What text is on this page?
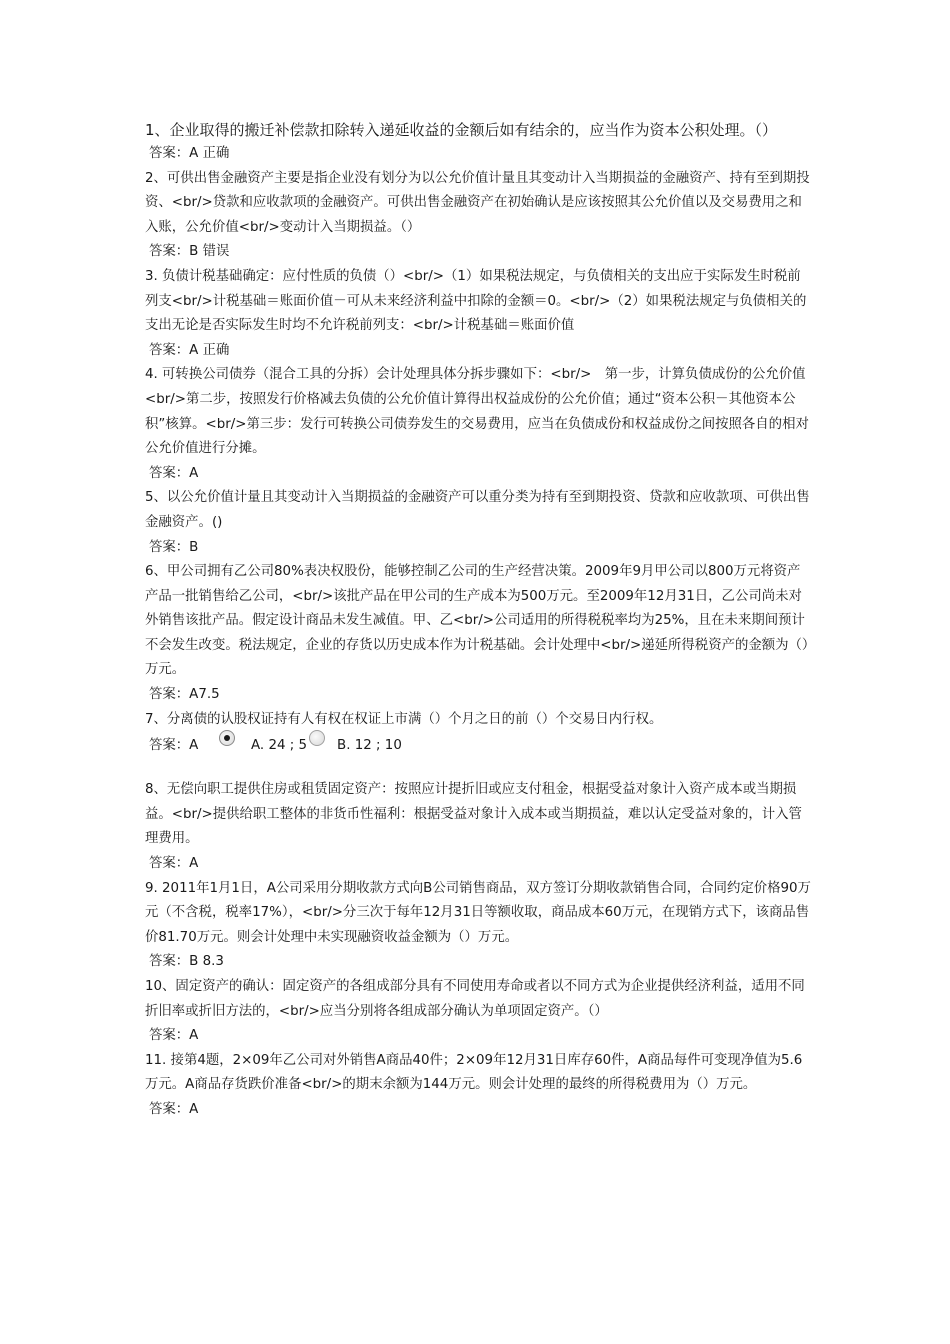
1、企业取得的搬迁补偿款扣除转入递延收益的金额后如有结余的，应当作为资本公积处理。（）

答案：A 正确

2、可供出售金融资产主要是指企业没有划分为以公允价值计量且其变动计入当期损益的金融资产、持有至到期投资、<br/>贷款和应收款项的金融资产。可供出售金融资产在初始确认是应该按照其公允价值以及交易费用之和入账，公允价值<br/>变动计入当期损益。（）

答案：B 错误

3. 负债计税基础确定：应付性质的负债（）<br/>（1）如果税法规定，与负债相关的支出应于实际发生时税前列支<br/>计税基础＝账面价值－可从未来经济利益中扣除的金额＝0。<br/>（2）如果税法规定与负债相关的支出无论是否实际发生时均不允许税前列支：<br/>计税基础＝账面价值

答案：A 正确

4. 可转换公司债券（混合工具的分拆）会计处理具体分拆步骤如下：<br/>　第一步，计算负债成份的公允价值<br/>第二步，按照发行价格减去负债的公允价值计算得出权益成份的公允价值；通过“资本公积－其他资本公积”核算。<br/>第三步：发行可转换公司债券发生的交易费用，应当在负债成份和权益成份之间按照各自的相对公允价值进行分摊。

答案：A

5、以公允价值计量且其变动计入当期损益的金融资产可以重分类为持有至到期投资、贷款和应收款项、可供出售金融资产。()

答案：B

6、甲公司拥有乙公司80%表决权股份，能够控制乙公司的生产经营决策。2009年9月甲公司以800万元将资产产品一批销售给乙公司，<br/>该批产品在甲公司的生产成本为500万元。至2009年12月31日，乙公司尚未对外销售该批产品。假定设计商品未发生减值。甲、乙<br/>公司适用的所得税税率均为25%，且在未来期间预计不会发生改变。税法规定，企业的存货以历史成本作为计税基础。会计处理中<br/>递延所得税资产的金额为（）万元。

答案：A7.5

7、分离债的认股权证持有人有权在权证上市满（）个月之日的前（）个交易日内行权。

答案：A	A. 24 ; 5 B. 12 ; 10

8、无偿向职工提供住房或租赁固定资产：按照应计提折旧或应支付租金，根据受益对象计入资产成本或当期损益。<br/>提供给职工整体的非货币性福利：根据受益对象计入成本或当期损益，难以认定受益对象的，计入管理费用。

答案：A

9. 2011年1月1日，A公司采用分期收款方式向B公司销售商品，双方签订分期收款销售合同，合同约定价格90万元（不含税，税率17%），<br/>分三次于每年12月31日等额收取，商品成本60万元，在现销方式下，该商品售价81.70万元。则会计处理中未实现融资收益金额为（）万元。

答案：B 8.3

10、固定资产的确认：固定资产的各组成部分具有不同使用寿命或者以不同方式为企业提供经济利益，适用不同折旧率或折旧方法的，<br/>应当分别将各组成部分确认为单项固定资产。（）

答案：A

11. 接第4题，2×09年乙公司对外销售A商品40件；2×09年12月31日库存60件，A商品每件可变现净值为5.6万元。A商品存货跌价准备<br/>的期末余额为144万元。则会计处理的最终的所得税费用为（）万元。

答案：A
